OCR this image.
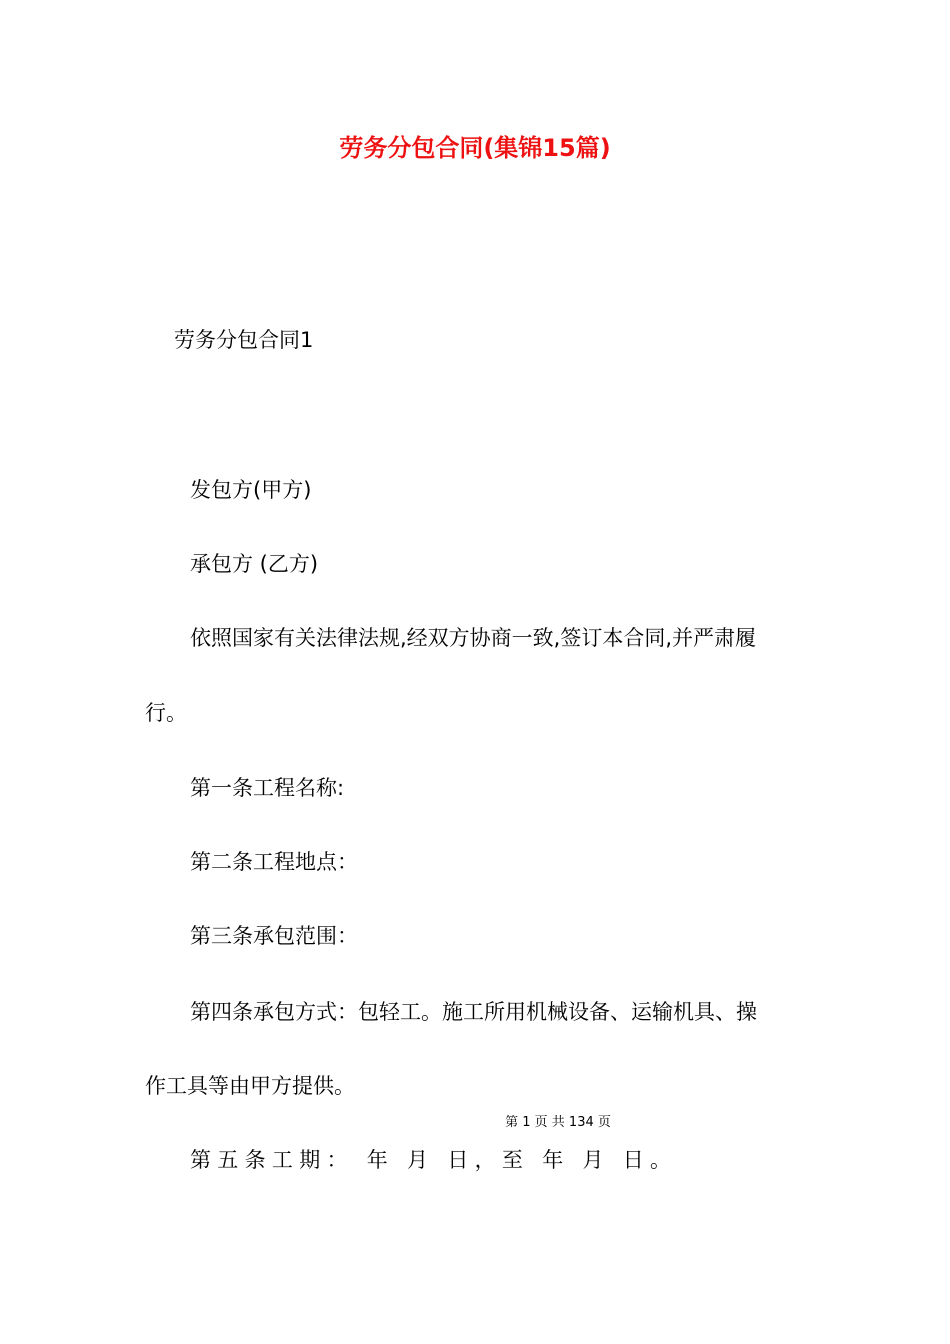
劳务分包合同(集锦15篇)
劳务分包合同1
发包方(甲方)
承包方 (乙方)
依照国家有关法律法规,经双方协商一致,签订本合同,并严肃履
行。
第一条工程名称:
第二条工程地点：
第三条承包范围：
第四条承包方式：包轻工。施工所用机械设备、运输机具、操
作工具等由甲方提供。
第 1 页 共 134 页
第五条工期： 年 月 日，至 年 月 日。
